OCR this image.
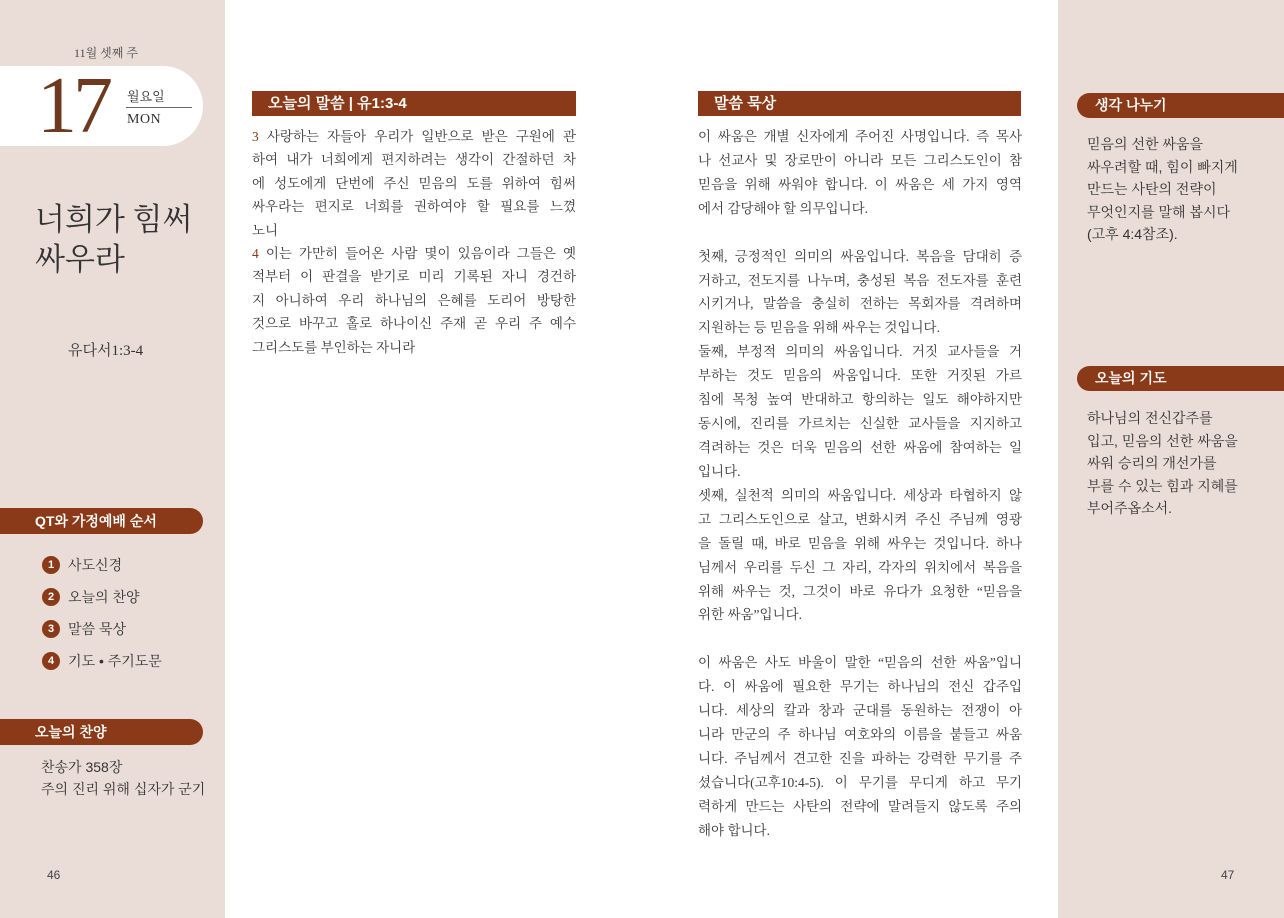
11월 셋째 주
17 월요일
MON
너희가 힘써
싸우라
유다서1:3-4
QT와 가정예배 순서
1 사도신경
2 오늘의 찬양
3 말씀 묵상
4 기도 • 주기도문
오늘의 찬양
찬송가 358장
주의 진리 위해 십자가 군기
46
오늘의 말씀 | 유1:3-4
3 사랑하는 자들아 우리가 일반으로 받은 구원에 관
하여 내가 너희에게 편지하려는 생각이 간절하던 차
에 성도에게 단번에 주신 믿음의 도를 위하여 힘써
싸우라는 편지로 너희를 권하여야 할 필요를 느꼈
노니
4 이는 가만히 들어온 사람 몇이 있음이라 그들은 옛
적부터 이 판결을 받기로 미리 기록된 자니 경건하
지 아니하여 우리 하나님의 은혜를 도리어 방탕한
것으로 바꾸고 홀로 하나이신 주재 곧 우리 주 예수
그리스도를 부인하는 자니라
말씀 묵상
이 싸움은 개별 신자에게 주어진 사명입니다. 즉 목사
나 선교사 및 장로만이 아니라 모든 그리스도인이 참
믿음을 위해 싸워야 합니다. 이 싸움은 세 가지 영역
에서 감당해야 할 의무입니다.
첫째, 긍정적인 의미의 싸움입니다. 복음을 담대히 증
거하고, 전도지를 나누며, 충성된 복음 전도자를 훈련
시키거나, 말씀을 충실히 전하는 목회자를 격려하며
지원하는 등 믿음을 위해 싸우는 것입니다.
둘째, 부정적 의미의 싸움입니다. 거짓 교사들을 거
부하는 것도 믿음의 싸움입니다. 또한 거짓된 가르
침에 목청 높여 반대하고 항의하는 일도 해야하지만
동시에, 진리를 가르치는 신실한 교사들을 지지하고
격려하는 것은 더욱 믿음의 선한 싸움에 참여하는 일
입니다.
셋째, 실천적 의미의 싸움입니다. 세상과 타협하지 않
고 그리스도인으로 살고, 변화시켜 주신 주님께 영광
을 돌릴 때, 바로 믿음을 위해 싸우는 것입니다. 하나
님께서 우리를 두신 그 자리, 각자의 위치에서 복음을
위해 싸우는 것, 그것이 바로 유다가 요청한 “믿음을
위한 싸움”입니다.
이 싸움은 사도 바울이 말한 “믿음의 선한 싸움”입니
다. 이 싸움에 필요한 무기는 하나님의 전신 갑주입
니다. 세상의 칼과 창과 군대를 동원하는 전쟁이 아
니라 만군의 주 하나님 여호와의 이름을 붙들고 싸움
니다. 주님께서 견고한 진을 파하는 강력한 무기를 주
셨습니다(고후10:4-5). 이 무기를 무디게 하고 무기
력하게 만드는 사탄의 전략에 말려들지 않도록 주의
해야 합니다.
생각 나누기
믿음의 선한 싸움을
싸우려할 때, 힘이 빠지게
만드는 사탄의 전략이
무엇인지를 말해 봅시다
(고후 4:4참조).
오늘의 기도
하나님의 전신갑주를
입고, 믿음의 선한 싸움을
싸워 승리의 개선가를
부를 수 있는 힘과 지혜를
부어주옵소서.
47
